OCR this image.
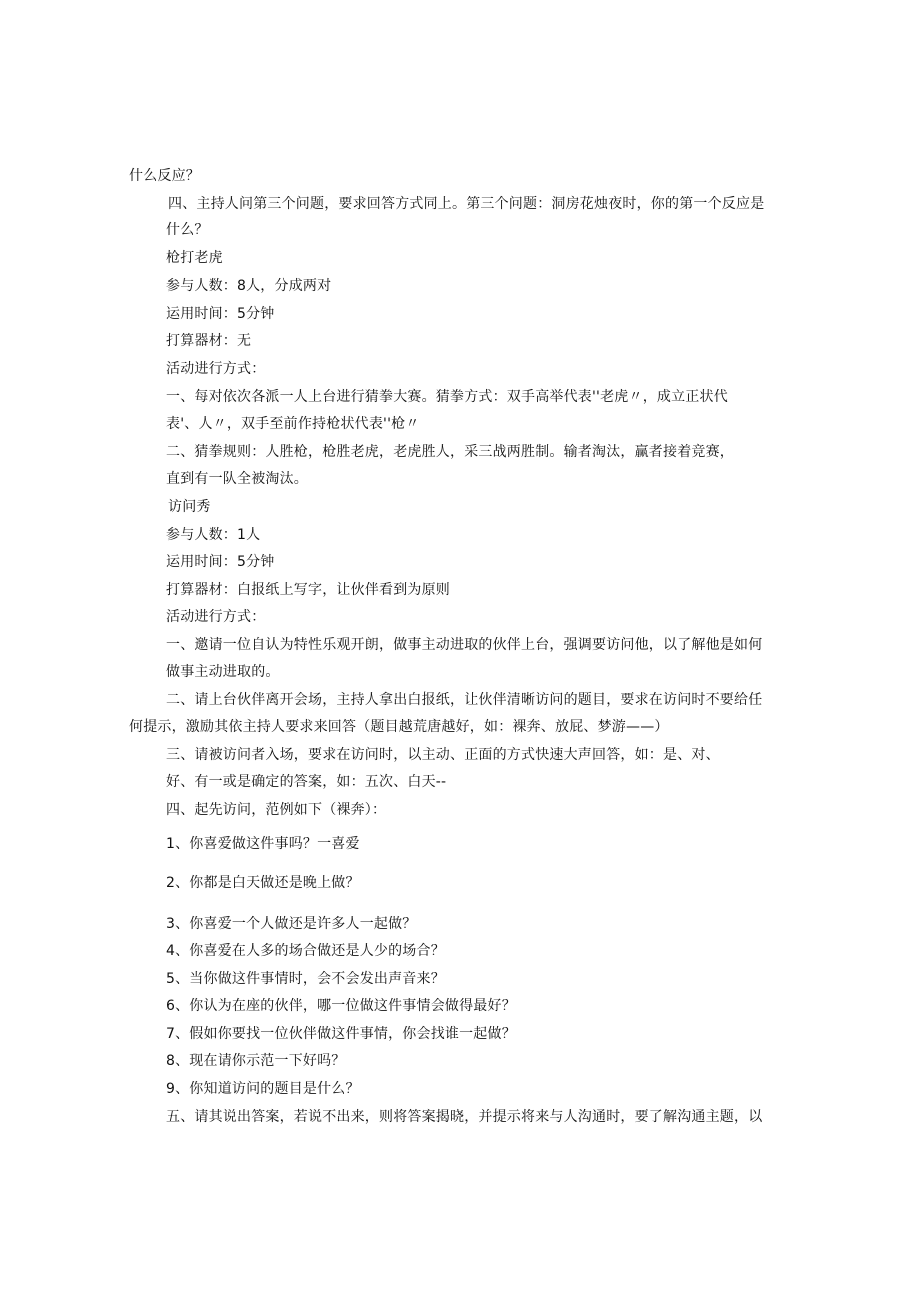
什么反应？
四、主持人问第三个问题，要求回答方式同上。第三个问题：洞房花烛夜时，你的第一个反应是
什么？
枪打老虎
参与人数：8人，分成两对
运用时间：5分钟
打算器材：无
活动进行方式：
一、每对依次各派一人上台进行猜拳大赛。猜拳方式：双手高举代表''老虎〃，成立正状代
表'、人〃，双手至前作持枪状代表''枪〃
二、猜拳规则：人胜枪，枪胜老虎，老虎胜人，采三战两胜制。输者淘汰，赢者接着竞赛，
直到有一队全被淘汰。
访问秀
参与人数：1人
运用时间：5分钟
打算器材：白报纸上写字，让伙伴看到为原则
活动进行方式：
一、邀请一位自认为特性乐观开朗，做事主动进取的伙伴上台，强调要访问他，以了解他是如何
做事主动进取的。
二、请上台伙伴离开会场，主持人拿出白报纸，让伙伴清晰访问的题目，要求在访问时不要给任
何提示，激励其依主持人要求来回答（题目越荒唐越好，如：裸奔、放屁、梦游——）
三、请被访问者入场，要求在访问时，以主动、正面的方式快速大声回答，如：是、对、
好、有一或是确定的答案，如：五次、白天--
四、起先访问，范例如下（裸奔）：
1、你喜爱做这件事吗？一喜爱
2、你都是白天做还是晚上做？
3、你喜爱一个人做还是许多人一起做？
4、你喜爱在人多的场合做还是人少的场合？
5、当你做这件事情时，会不会发出声音来？
6、你认为在座的伙伴，哪一位做这件事情会做得最好？
7、假如你要找一位伙伴做这件事情，你会找谁一起做？
8、现在请你示范一下好吗？
9、你知道访问的题目是什么？
五、请其说出答案，若说不出来，则将答案揭晓，并提示将来与人沟通时，要了解沟通主题，以
